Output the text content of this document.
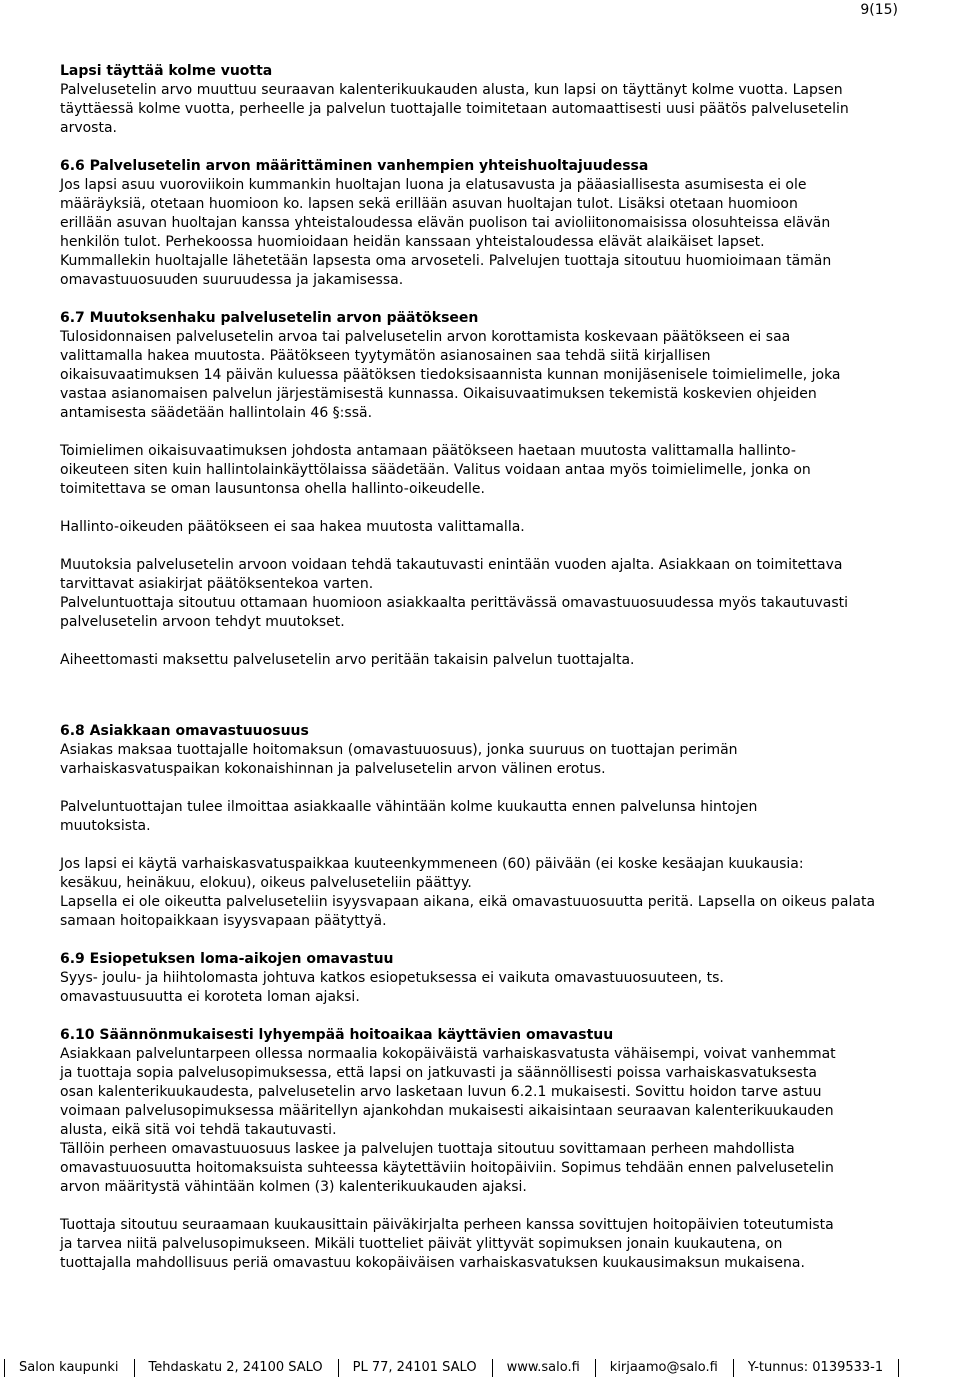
9(15)
Lapsi täyttää kolme vuotta
Palvelusetelin arvo muuttuu seuraavan kalenterikuukauden alusta, kun lapsi on täyttänyt kolme vuotta. Lapsen
täyttäessä kolme vuotta, perheelle ja palvelun tuottajalle toimitetaan automaattisesti uusi päätös palvelusetelin
arvosta.
6.6 Palvelusetelin arvon määrittäminen vanhempien yhteishuoltajuudessa
Jos lapsi asuu vuoroviikoin kummankin huoltajan luona ja elatusavusta ja pääasiallisesta asumisesta ei ole
määräyksiä, otetaan huomioon ko. lapsen sekä erillään asuvan huoltajan tulot. Lisäksi otetaan huomioon
erillään asuvan huoltajan kanssa yhteistaloudessa elävän puolison tai avioliitonomaisissa olosuhteissa elävän
henkilön tulot. Perhekoossa huomioidaan heidän kanssaan yhteistaloudessa elävät alaikäiset lapset.
Kummallekin huoltajalle lähetetään lapsesta oma arvoseteli. Palvelujen tuottaja sitoutuu huomioimaan tämän
omavastuuosuuden suuruudessa ja jakamisessa.
6.7 Muutoksenhaku palvelusetelin arvon päätökseen
Tulosidonnaisen palvelusetelin arvoa tai palvelusetelin arvon korottamista koskevaan päätökseen ei saa
valittamalla hakea muutosta. Päätökseen tyytymätön asianosainen saa tehdä siitä kirjallisen
oikaisuvaatimuksen 14 päivän kuluessa päätöksen tiedoksisaannista kunnan monijäsenisele toimielimelle, joka
vastaa asianomaisen palvelun järjestämisestä kunnassa. Oikaisuvaatimuksen tekemistä koskevien ohjeiden
antamisesta säädetään hallintolain 46 §:ssä.
Toimielimen oikaisuvaatimuksen johdosta antamaan päätökseen haetaan muutosta valittamalla hallinto-
oikeuteen siten kuin hallintolainkäyttölaissa säädetään. Valitus voidaan antaa myös toimielimelle, jonka on
toimitettava se oman lausuntonsa ohella hallinto-oikeudelle.
Hallinto-oikeuden päätökseen ei saa hakea muutosta valittamalla.
Muutoksia palvelusetelin arvoon voidaan tehdä takautuvasti enintään vuoden ajalta. Asiakkaan on toimitettava
tarvittavat asiakirjat päätöksentekoa varten.
Palveluntuottaja sitoutuu ottamaan huomioon asiakkaalta perittävässä omavastuuosuudessa myös takautuvasti
palvelusetelin arvoon tehdyt muutokset.
Aiheettomasti maksettu palvelusetelin arvo peritään takaisin palvelun tuottajalta.
6.8 Asiakkaan omavastuuosuus
Asiakas maksaa tuottajalle hoitomaksun (omavastuuosuus), jonka suuruus on tuottajan perimän
varhaiskasvatuspaikan kokonaishinnan ja palvelusetelin arvon välinen erotus.
Palveluntuottajan tulee ilmoittaa asiakkaalle vähintään kolme kuukautta ennen palvelunsa hintojen
muutoksista.
Jos lapsi ei käytä varhaiskasvatuspaikkaa kuuteenkymmeneen (60) päivään (ei koske kesäajan kuukausia:
kesäkuu, heinäkuu, elokuu), oikeus palveluseteliin päättyy.
Lapsella ei ole oikeutta palveluseteliin isyysvapaan aikana, eikä omavastuuosuutta peritä. Lapsella on oikeus palata
samaan hoitopaikkaan isyysvapaan päätyttyä.
6.9 Esiopetuksen loma-aikojen omavastuu
Syys- joulu- ja hiihtolomasta johtuva katkos esiopetuksessa ei vaikuta omavastuuosuuteen, ts.
omavastuusuutta ei koroteta loman ajaksi.
6.10 Säännönmukaisesti lyhyempää hoitoaikaa käyttävien omavastuu
Asiakkaan palveluntarpeen ollessa normaalia kokopäiväistä varhaiskasvatusta vähäisempi, voivat vanhemmat
ja tuottaja sopia palvelusopimuksessa, että lapsi on jatkuvasti ja säännöllisesti poissa varhaiskasvatuksesta
osan kalenterikuukaudesta, palvelusetelin arvo lasketaan luvun 6.2.1 mukaisesti. Sovittu hoidon tarve astuu
voimaan palvelusopimuksessa määritellyn ajankohdan mukaisesti aikaisintaan seuraavan kalenterikuukauden
alusta, eikä sitä voi tehdä takautuvasti.
Tällöin perheen omavastuuosuus laskee ja palvelujen tuottaja sitoutuu sovittamaan perheen mahdollista
omavastuuosuutta hoitomaksuista suhteessa käytettäviin hoitopäiviin. Sopimus tehdään ennen palvelusetelin
arvon määritystä vähintään kolmen (3) kalenterikuukauden ajaksi.
Tuottaja sitoutuu seuraamaan kuukausittain päiväkirjalta perheen kanssa sovittujen hoitopäivien toteutumista
ja tarvea niitä palvelusopimukseen. Mikäli tuotteliet päivät ylittyvät sopimuksen jonain kuukautena, on
tuottajalla mahdollisuus periä omavastuu kokopäiväisen varhaiskasvatuksen kuukausimaksun mukaisena.
Salon kaupunki	Tehdaskatu 2, 24100 SALO	PL 77, 24101 SALO	www.salo.fi	kirjaamo@salo.fi	Y-tunnus: 0139533-1
